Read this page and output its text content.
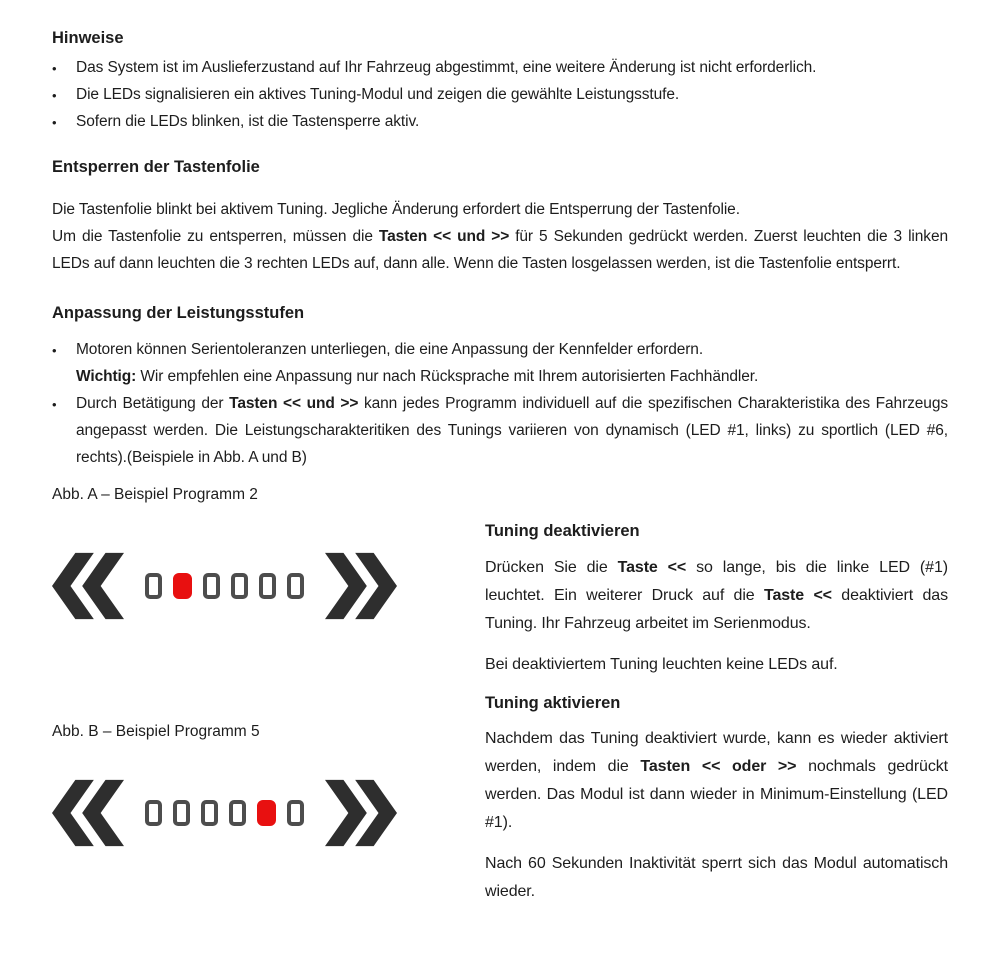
Hinweise
•
Das System ist im Auslieferzustand auf Ihr Fahrzeug abgestimmt, eine weitere Änderung ist nicht erforderlich.
•
Die LEDs signalisieren ein aktives Tuning-Modul und zeigen die gewählte Leistungsstufe.
•
Sofern die LEDs blinken, ist die Tastensperre aktiv.
Entsperren der Tastenfolie

Die Tastenfolie blinkt bei aktivem Tuning. Jegliche Änderung erfordert die Entsperrung der Tastenfolie.

Um die Tastenfolie zu entsperren, müssen die Tasten << und >> für 5 Sekunden gedrückt werden. Zuerst leuchten die 3 linken LEDs auf dann leuchten die 3 rechten LEDs auf, dann alle. Wenn die Tasten losgelassen werden, ist die Tastenfolie entsperrt.

Anpassung der Leistungsstufen
•
Motoren können Serientoleranzen unterliegen, die eine Anpassung der Kennfelder erfordern.
Wichtig: Wir empfehlen eine Anpassung nur nach Rücksprache mit Ihrem autorisierten Fachhändler.
•
Durch Betätigung der Tasten << und >> kann jedes Programm individuell auf die spezifischen Charakteristika des Fahrzeugs angepasst werden. Die Leistungscharakteritiken des Tunings variieren von dynamisch (LED #1, links) zu sportlich (LED #6, rechts).(Beispiele in Abb. A und B)
Abb. A – Beispiel Programm 2
Abb. B – Beispiel Programm 5
Tuning deaktivieren

Drücken Sie die Taste << so lange, bis die linke LED (#1) leuchtet. Ein weiterer Druck auf die Taste << deaktiviert das Tuning. Ihr Fahrzeug arbeitet im Serienmodus.

Bei deaktiviertem Tuning leuchten keine LEDs auf.

Tuning aktivieren

Nachdem das Tuning deaktiviert wurde, kann es wieder aktiviert werden, indem die Tasten << oder >> nochmals gedrückt werden. Das Modul ist dann wieder in Minimum-Einstellung (LED #1).

Nach 60 Sekunden Inaktivität sperrt sich das Modul automatisch wieder.
